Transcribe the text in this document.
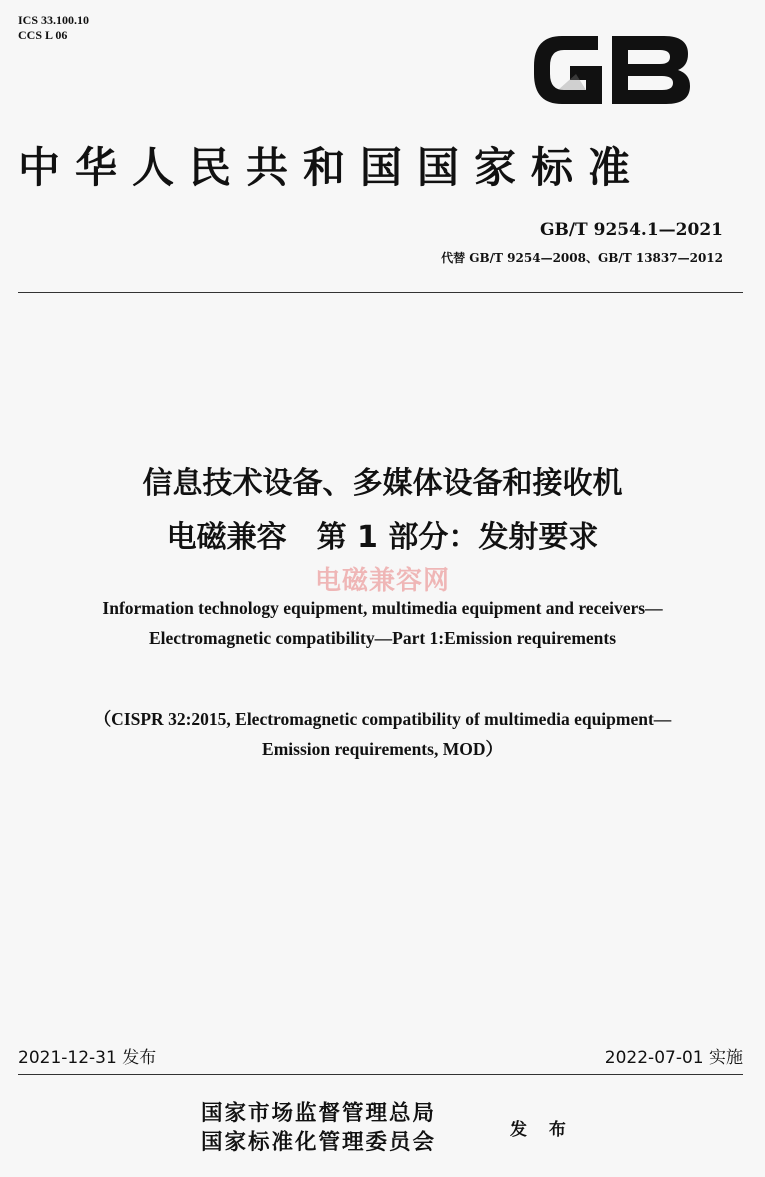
ICS 33.100.10
CCS L 06
中华人民共和国国家标准
GB/T 9254.1—2021
代替 GB/T 9254—2008、GB/T 13837—2012
信息技术设备、多媒体设备和接收机
电磁兼容　第 1 部分：发射要求
电磁兼容网
Information technology equipment, multimedia equipment and receivers—
Electromagnetic compatibility—Part 1:Emission requirements
（CISPR 32:2015, Electromagnetic compatibility of multimedia equipment—
Emission requirements, MOD）
2021-12-31 发布	2022-07-01 实施
国家市场监督管理总局
国家标准化管理委员会	发 布
